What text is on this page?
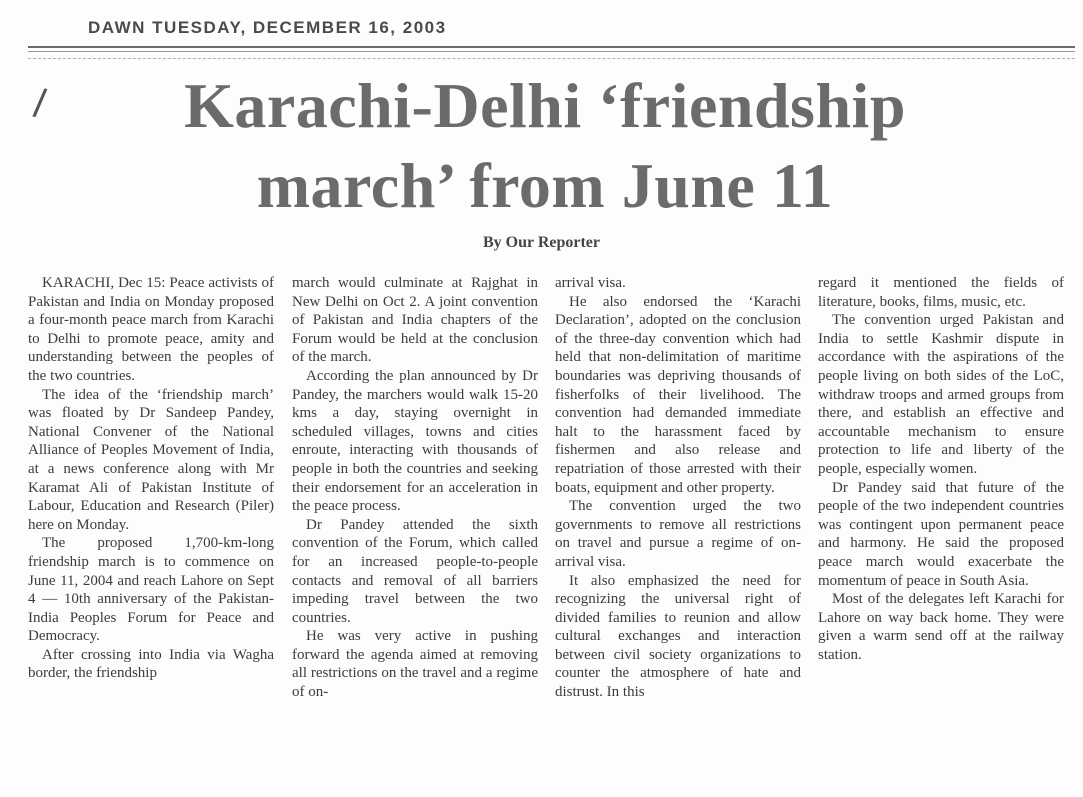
DAWN TUESDAY, DECEMBER 16, 2003
/	Karachi-Delhi ‘friendship
march’ from June 11
By Our Reporter

KARACHI, Dec 15: Peace activists of Pakistan and India on Monday proposed a four-month peace march from Karachi to Delhi to promote peace, amity and understanding between the peoples of the two countries.

The idea of the ‘friendship march’ was floated by Dr Sandeep Pandey, National Convener of the National Alliance of Peoples Movement of India, at a news conference along with Mr Karamat Ali of Pakistan Institute of Labour, Education and Research (Piler) here on Monday.

The proposed 1,700-km-long friendship march is to commence on June 11, 2004 and reach Lahore on Sept 4 — 10th anniversary of the Pakistan-India Peoples Forum for Peace and Democracy.

After crossing into India via Wagha border, the friendship

march would culminate at Rajghat in New Delhi on Oct 2. A joint convention of Pakistan and India chapters of the Forum would be held at the conclusion of the march.

According the plan announced by Dr Pandey, the marchers would walk 15-20 kms a day, staying overnight in scheduled villages, towns and cities enroute, interacting with thousands of people in both the countries and seeking their endorsement for an acceleration in the peace process.

Dr Pandey attended the sixth convention of the Forum, which called for an increased people-to-people contacts and removal of all barriers impeding travel between the two countries.

He was very active in pushing forward the agenda aimed at removing all restrictions on the travel and a regime of on-

arrival visa.

He also endorsed the ‘Karachi Declaration’, adopted on the conclusion of the three-day convention which had held that non-delimitation of maritime boundaries was depriving thousands of fisherfolks of their livelihood. The convention had demanded immediate halt to the harassment faced by fishermen and also release and repatriation of those arrested with their boats, equipment and other property.

The convention urged the two governments to remove all restrictions on travel and pursue a regime of on-arrival visa.

It also emphasized the need for recognizing the universal right of divided families to reunion and allow cultural exchanges and interaction between civil society organizations to counter the atmosphere of hate and distrust. In this

regard it mentioned the fields of literature, books, films, music, etc.

The convention urged Pakistan and India to settle Kashmir dispute in accordance with the aspirations of the people living on both sides of the LoC, withdraw troops and armed groups from there, and establish an effective and accountable mechanism to ensure protection to life and liberty of the people, especially women.

Dr Pandey said that future of the people of the two independent countries was contingent upon permanent peace and harmony. He said the proposed peace march would exacerbate the momentum of peace in South Asia.

Most of the delegates left Karachi for Lahore on way back home. They were given a warm send off at the railway station.
